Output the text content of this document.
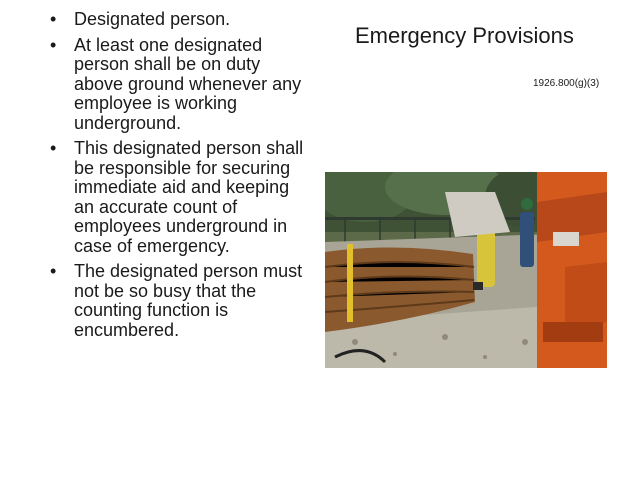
• Designated person.
• At least one designated person shall be on duty above ground whenever any employee is working underground.
• This designated person shall be responsible for securing immediate aid and keeping an accurate count of employees underground in case of emergency.
• The designated person must not be so busy that the counting function is encumbered.
Emergency Provisions
1926.800(g)(3)
